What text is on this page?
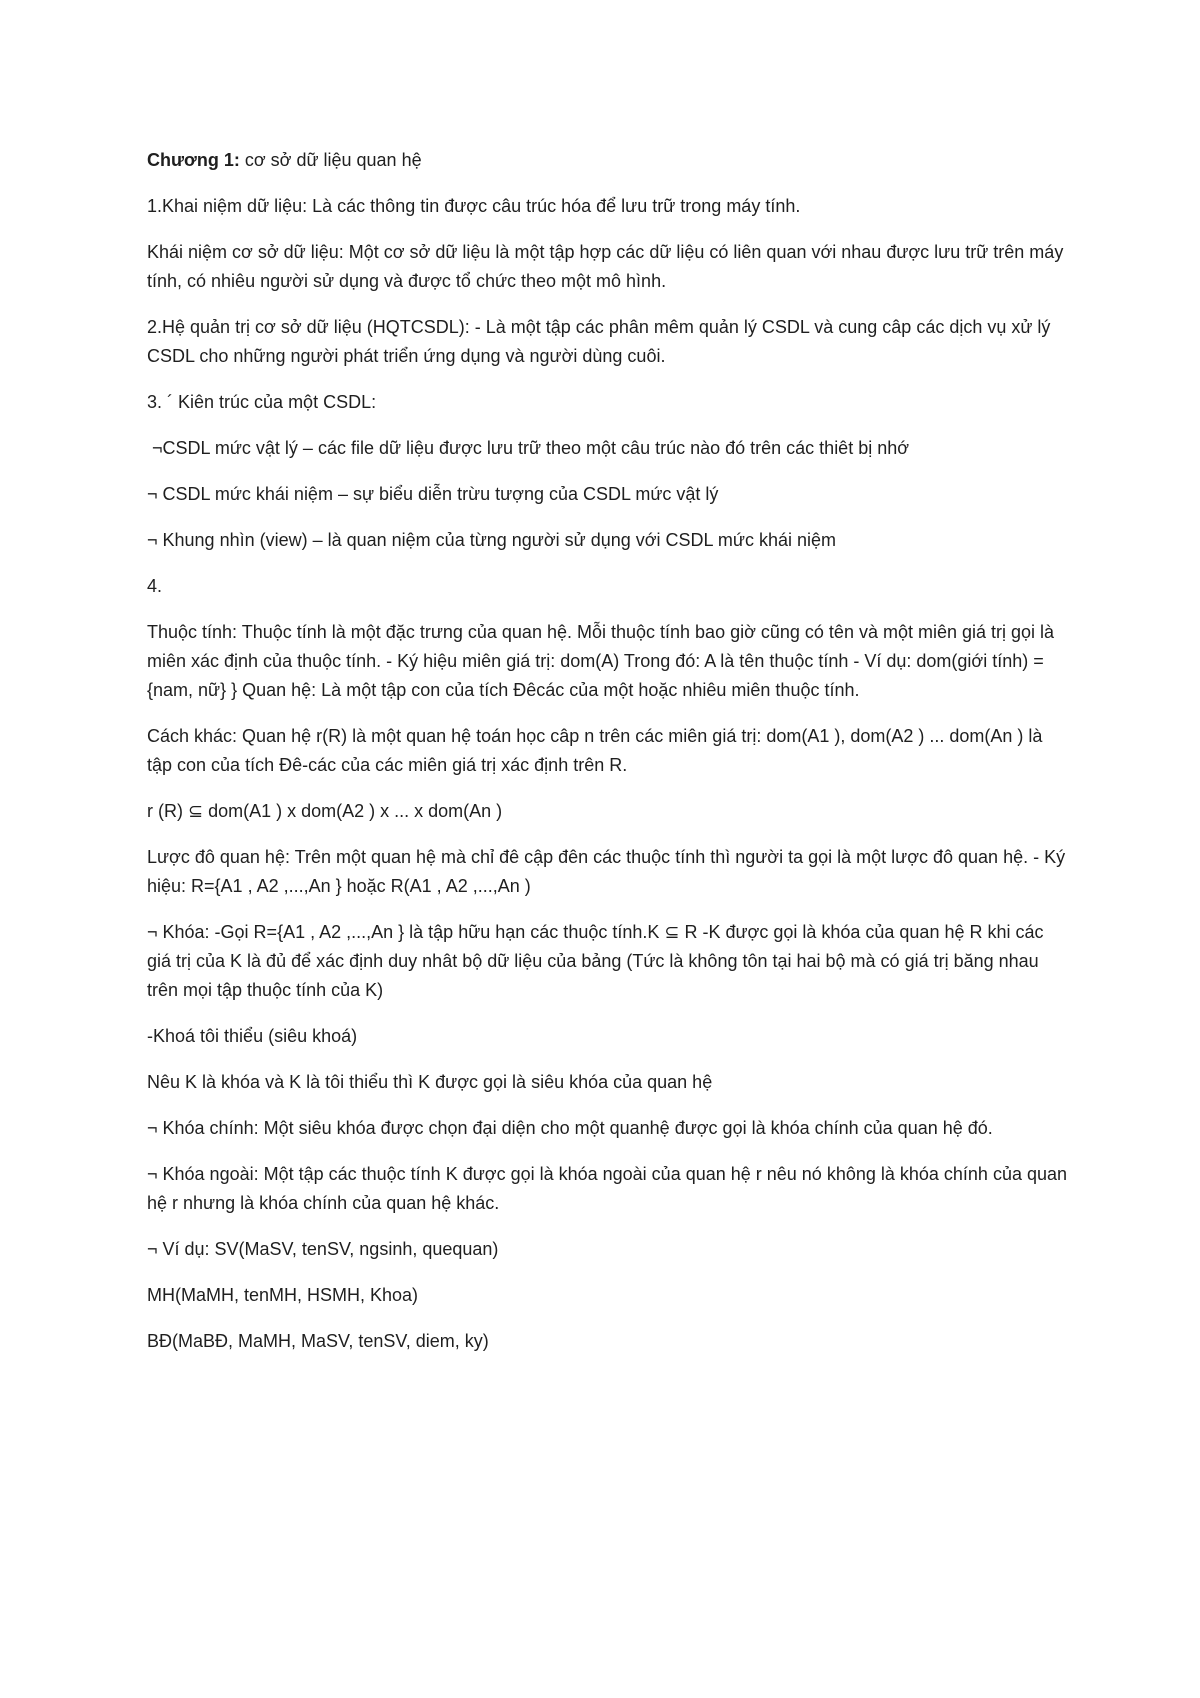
Chương 1: cơ sở dữ liệu quan hệ

1.Khai niệm dữ liệu: Là các thông tin được câu trúc hóa để lưu trữ trong máy tính.

Khái niệm cơ sở dữ liệu: Một cơ sở dữ liệu là một tập hợp các dữ liệu có liên quan với nhau được lưu trữ trên máy tính, có nhiêu người sử dụng và được tổ chức theo một mô hình.

2.Hệ quản trị cơ sở dữ liệu (HQTCSDL): - Là một tập các phân mêm quản lý CSDL và cung câp các dịch vụ xử lý CSDL cho những người phát triển ứng dụng và người dùng cuôi.

3. ´ Kiên trúc của một CSDL:

¬CSDL mức vật lý – các file dữ liệu được lưu trữ theo một câu trúc nào đó trên các thiêt bị nhớ

¬ CSDL mức khái niệm – sự biểu diễn trừu tượng của CSDL mức vật lý

¬ Khung nhìn (view) – là quan niệm của từng người sử dụng với CSDL mức khái niệm

4.

Thuộc tính: Thuộc tính là một đặc trưng của quan hệ. Mỗi thuộc tính bao giờ cũng có tên và một miên giá trị gọi là miên xác định của thuộc tính. - Ký hiệu miên giá trị: dom(A) Trong đó: A là tên thuộc tính - Ví dụ: dom(giới tính) = {nam, nữ} } Quan hệ: Là một tập con của tích Đêcác của một hoặc nhiêu miên thuộc tính.

Cách khác: Quan hệ r(R) là một quan hệ toán học câp n trên các miên giá trị: dom(A1 ), dom(A2 ) ... dom(An ) là tập con của tích Đê-các của các miên giá trị xác định trên R.

r (R) ⊆ dom(A1 ) x dom(A2 ) x ... x dom(An )

Lược đô quan hệ: Trên một quan hệ mà chỉ đê cập đên các thuộc tính thì người ta gọi là một lược đô quan hệ. - Ký hiệu: R={A1 , A2 ,...,An } hoặc R(A1 , A2 ,...,An )

¬ Khóa: -Gọi R={A1 , A2 ,...,An } là tập hữu hạn các thuộc tính.K ⊆ R -K được gọi là khóa của quan hệ R khi các giá trị của K là đủ để xác định duy nhât bộ dữ liệu của bảng (Tức là không tôn tại hai bộ mà có giá trị băng nhau trên mọi tập thuộc tính của K)

-Khoá tôi thiểu (siêu khoá)

Nêu K là khóa và K là tôi thiểu thì K được gọi là siêu khóa của quan hệ

¬ Khóa chính: Một siêu khóa được chọn đại diện cho một quanhệ được gọi là khóa chính của quan hệ đó.

¬ Khóa ngoài: Một tập các thuộc tính K được gọi là khóa ngoài của quan hệ r nêu nó không là khóa chính của quan hệ r nhưng là khóa chính của quan hệ khác.

¬ Ví dụ: SV(MaSV, tenSV, ngsinh, quequan)

MH(MaMH, tenMH, HSMH, Khoa)

BĐ(MaBĐ, MaMH, MaSV, tenSV, diem, ky)
